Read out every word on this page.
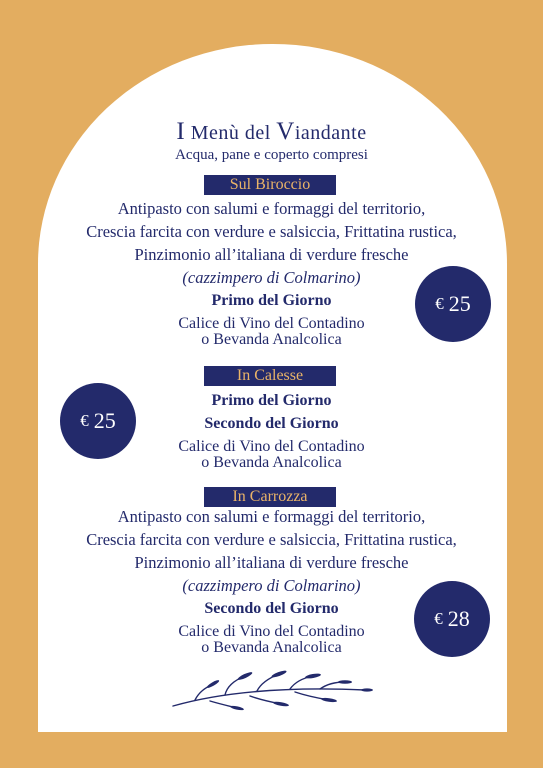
I Menù del Viandante
Acqua, pane e coperto compresi
Sul Biroccio
Antipasto con salumi e formaggi del territorio,
Crescia farcita con verdure e salsiccia, Frittatina rustica,
Pinzimonio all’italiana di verdure fresche
(cazzimpero di Colmarino)
Primo del Giorno
Calice di Vino del Contadino
o Bevanda Analcolica
€ 25
In Calesse
Primo del Giorno
Secondo del Giorno
Calice di Vino del Contadino
o Bevanda Analcolica
€ 25
In Carrozza
Antipasto con salumi e formaggi del territorio,
Crescia farcita con verdure e salsiccia, Frittatina rustica,
Pinzimonio all’italiana di verdure fresche
(cazzimpero di Colmarino)
Secondo del Giorno
Calice di Vino del Contadino
o Bevanda Analcolica
€ 28
